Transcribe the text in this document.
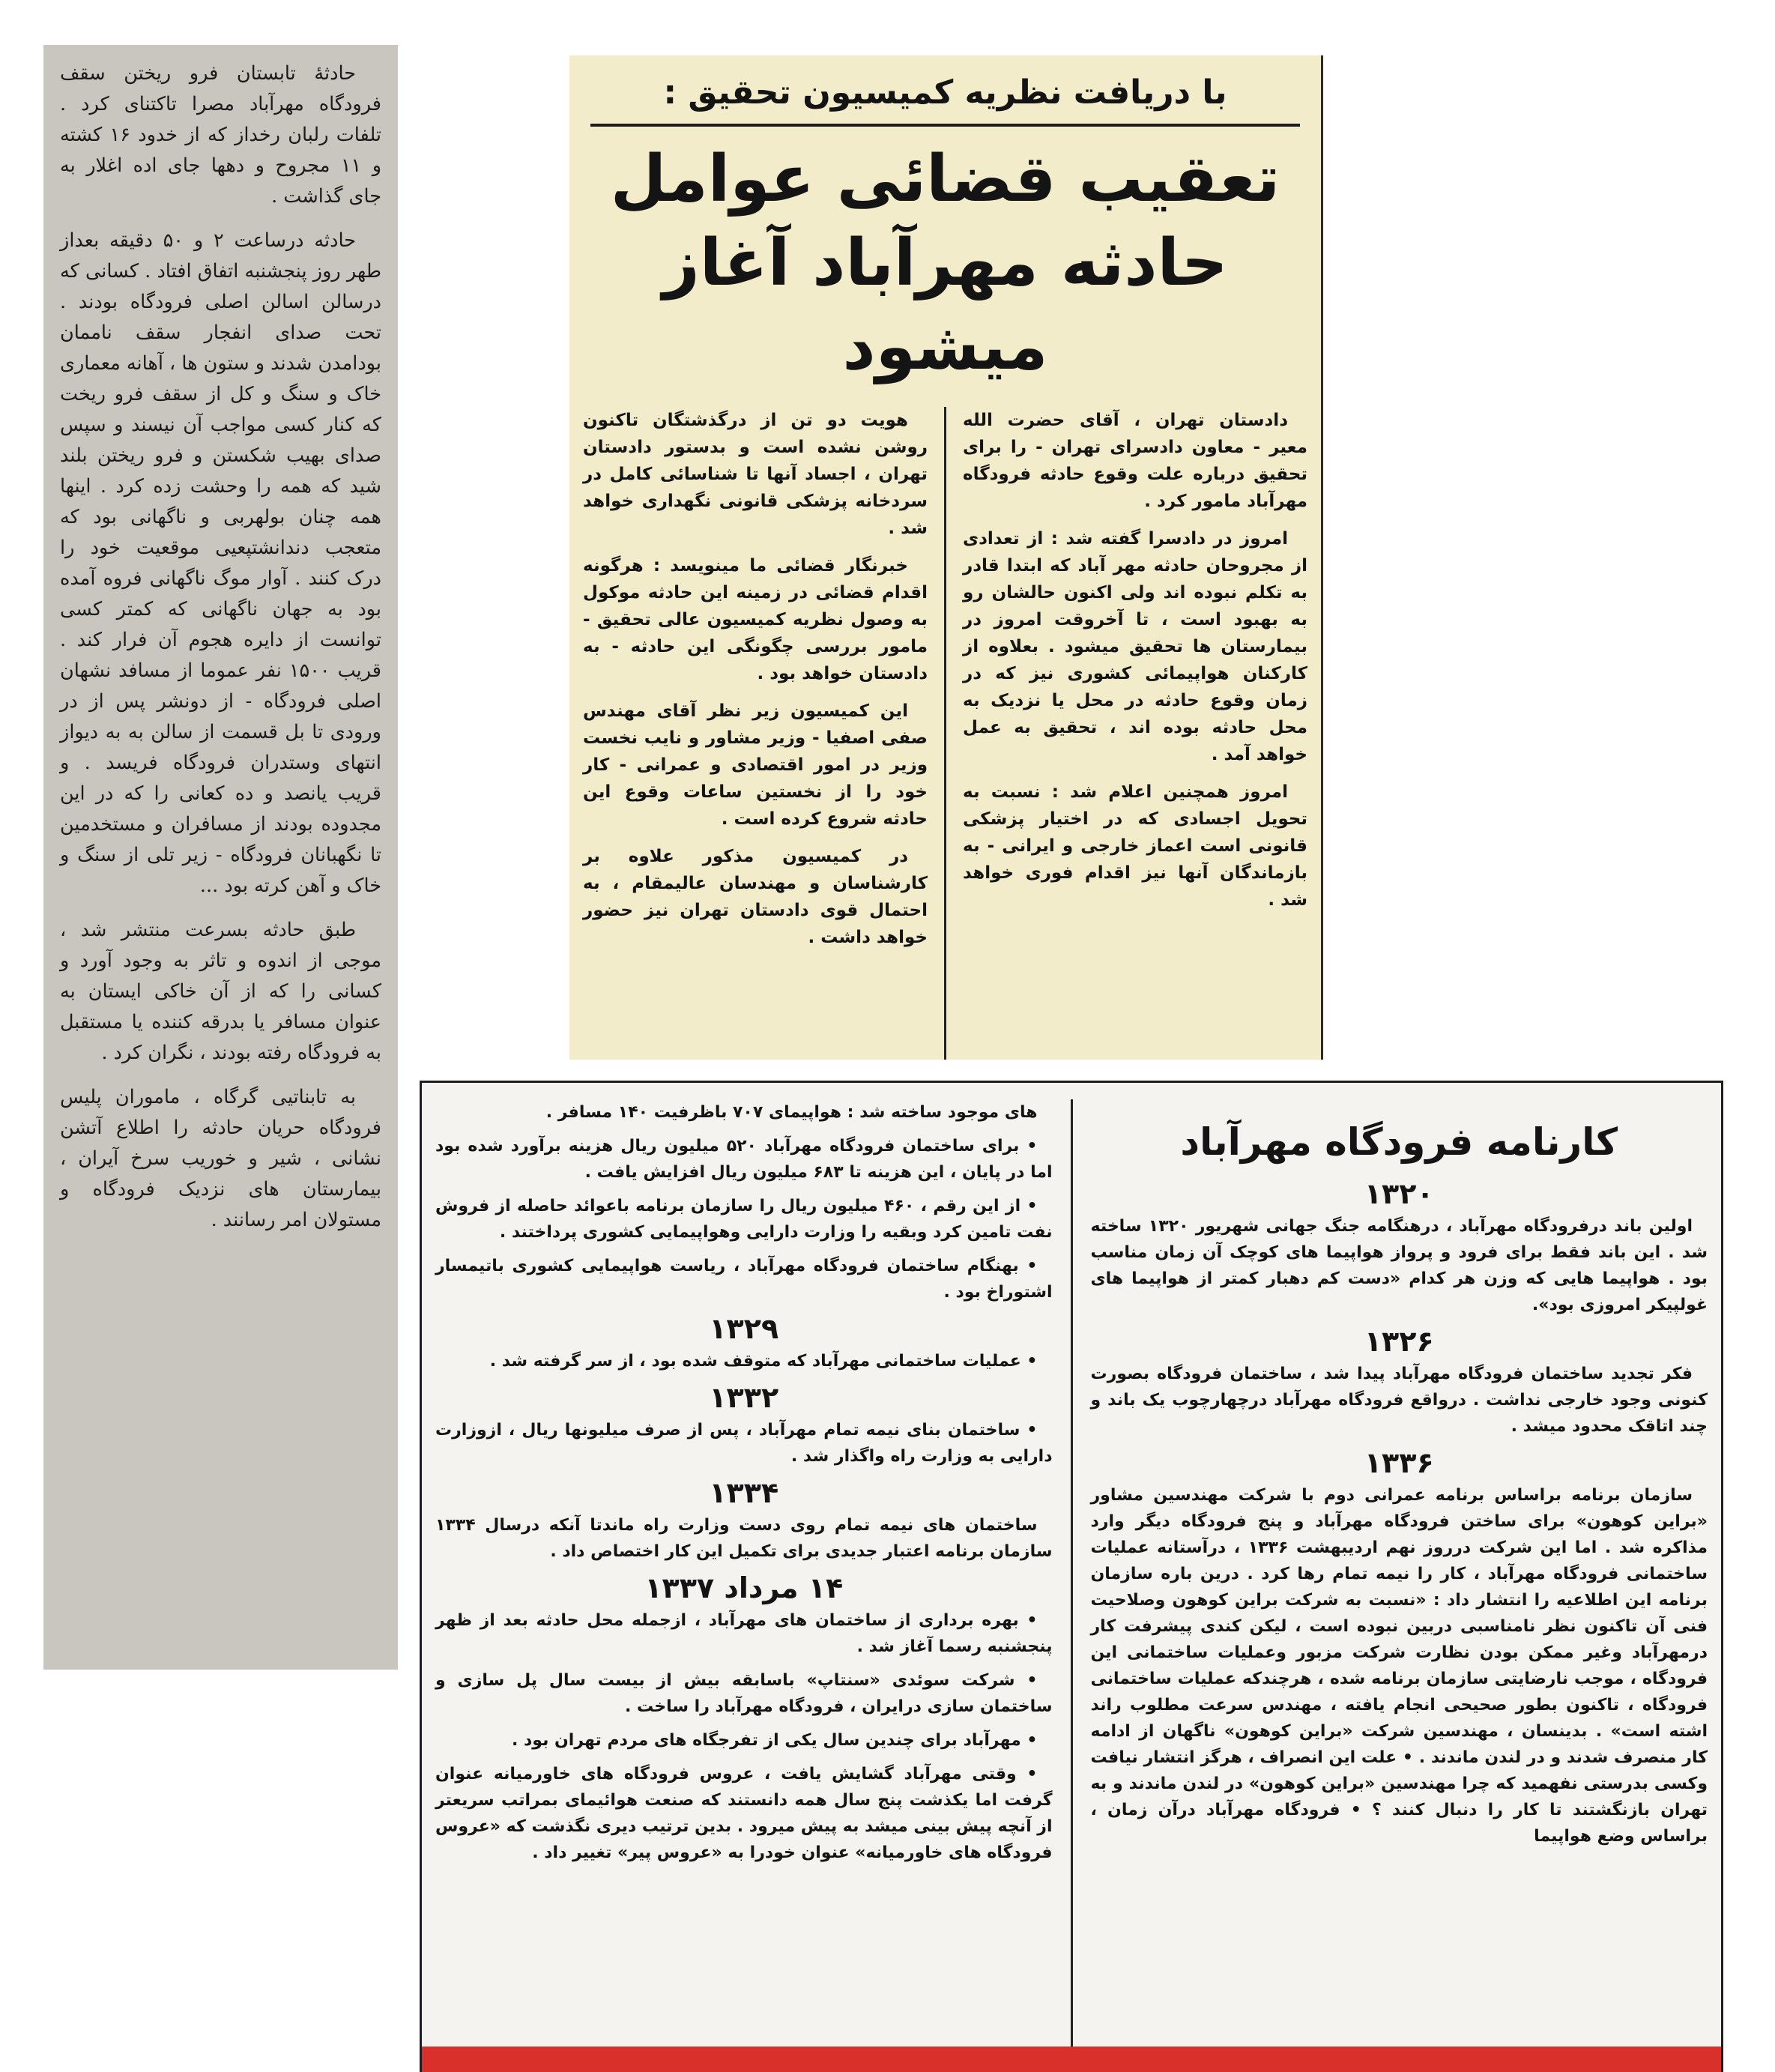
حادثهٔ تابستان فرو ریختن سقف فرودگاه مهرآباد مصرا تاکتنای کرد . تلفات رلبان رخداز که از خدود ۱۶ کشته و ۱۱ مجروح و دهها جای اده اغلار به جای گذاشت .

حادثه درساعت ۲ و ۵۰ دقیقه بعداز طهر روز پنجشنبه اتفاق افتاد . کسانی که درسالن اسالن اصلی فرودگاه بودند . تحت صدای انفجار سقف ناممان بودامدن شدند و ستون ها ، آهانه معماری خاک و سنگ و کل از سقف فرو ریخت که کنار کسی مواجب آن نیسند و سپس صدای بهیب شکستن و فرو ریختن بلند شید که همه را وحشت زده کرد . اینها همه چنان بولهربی و ناگهانی بود که متعجب دندانشتپعیی موقعیت خود را درک کنند . آوار موگ ناگهانی فروه آمده بود به جهان ناگهانی که کمتر کسی توانست از دایره هجوم آن فرار کند . قریب ۱۵۰۰ نفر عموما از مسافد نشهان اصلی فرودگاه - از دونشر پس از در ورودی تا بل قسمت از سالن به به دیواز انتهای وستدران فرودگاه فریسد . و قریب یانصد و ده کعانی را که در این مجدوده بودند از مسافران و مستخدمین تا نگهبانان فرودگاه - زیر تلی از سنگ و خاک و آهن کرته بود ...

طبق حادثه بسرعت منتشر شد ، موجی از اندوه و تاثر به وجود آورد و کسانی را که از آن خاکی ایستان به عنوان مسافر یا بدرقه کننده یا مستقبل به فرودگاه رفته بودند ، نگران کرد .

به تابناتیی گرگاه ، ماموران پلیس فرودگاه حریان حادثه را اطلاع آتشن نشانی ، شیر و خوریب سرخ آیران ، بیمارستان های نزدیک فرودگاه و مستولان امر رسانند .

با دریافت نظریه کمیسیون تحقیق :
تعقیب قضائی عوامل
حادثه مهرآباد آغاز میشود

دادستان تهران ، آقای حضرت الله معیر - معاون دادسرای تهران - را برای تحقیق درباره علت وقوع حادثه فرودگاه مهرآباد مامور کرد .

امروز در دادسرا گفته شد : از تعدادی از مجروحان حادثه مهر آباد که ابتدا قادر به تکلم نبوده اند ولی اکنون حالشان رو به بهبود است ، تا آخروقت امروز در بیمارستان ها تحقیق میشود . بعلاوه از کارکنان هواپیمائی کشوری نیز که در زمان وقوع حادثه در محل یا نزدیک به محل حادثه بوده اند ، تحقیق به عمل خواهد آمد .

امروز همچنین اعلام شد : نسبت به تحویل اجسادی که در اختیار پزشکی قانونی است اعماز خارجی و ایرانی - به بازماندگان آنها نیز اقدام فوری خواهد شد .

هویت دو تن از درگذشتگان تاکنون روشن نشده است و بدستور دادستان تهران ، اجساد آنها تا شناسائی کامل در سردخانه پزشکی قانونی نگهداری خواهد شد .

خبرنگار قضائی ما مینویسد : هرگونه اقدام قضائی در زمینه این حادثه موکول به وصول نظریه کمیسیون عالی تحقیق - مامور بررسی چگونگی این حادثه - به دادستان خواهد بود .

این کمیسیون زیر نظر آقای مهندس صفی اصفیا - وزیر مشاور و نایب نخست وزیر در امور اقتصادی و عمرانی - کار خود را از نخستین ساعات وقوع این حادثه شروع کرده است .

در کمیسیون مذکور علاوه بر کارشناسان و مهندسان عالیمقام ، به احتمال قوی دادستان تهران نیز حضور خواهد داشت .

کارنامه فرودگاه مهرآباد
۱۳۲۰

اولین باند درفرودگاه مهرآباد ، درهنگامه جنگ جهانی شهریور ۱۳۲۰ ساخته شد . این باند فقط برای فرود و پرواز هواپیما های کوچک آن زمان مناسب بود . هواپیما هایی که وزن هر کدام «دست کم دهبار کمتر از هواپیما های غولپیکر امروزی بود».

۱۳۲۶

فکر تجدید ساختمان فرودگاه مهرآباد پیدا شد ، ساختمان فرودگاه بصورت کنونی وجود خارجی نداشت . درواقع فرودگاه مهرآباد درچهارچوب یک باند و چند اتاقک محدود میشد .

۱۳۳۶

سازمان برنامه براساس برنامه عمرانی دوم با شرکت مهندسین مشاور «براین کوهون» برای ساختن فرودگاه مهرآباد و پنج فرودگاه دیگر وارد مذاکره شد . اما این شرکت درروز نهم اردیبهشت ۱۳۳۶ ، درآستانه عملیات ساختمانی فرودگاه مهرآباد ، کار را نیمه تمام رها کرد . درین باره سازمان برنامه این اطلاعیه را انتشار داد : «نسبت به شرکت براین کوهون وصلاحیت فنی آن تاکنون نظر نامناسبی دربین نبوده است ، لیکن کندی پیشرفت کار درمهرآباد وغیر ممکن بودن نظارت شرکت مزبور وعملیات ساختمانی این فرودگاه ، موجب نارضایتی سازمان برنامه شده ، هرچندکه عملیات ساختمانی فرودگاه ، تاکنون بطور صحیحی انجام یافته ، مهندس سرعت مطلوب راند اشته است» . بدینسان ، مهندسین شرکت «براین کوهون» ناگهان از ادامه کار منصرف شدند و در لندن ماندند . • علت این انصراف ، هرگز انتشار نیافت وکسی بدرستی نفهمید که چرا مهندسین «براین کوهون» در لندن ماندند و به تهران بازنگشتند تا کار را دنبال کنند ؟ • فرودگاه مهرآباد درآن زمان ، براساس وضع هواپیما

های موجود ساخته شد : هواپیمای ۷۰۷ باظرفیت ۱۴۰ مسافر .

• برای ساختمان فرودگاه مهرآباد ۵۲۰ میلیون ریال هزینه برآورد شده بود اما در پایان ، این هزینه تا ۶۸۳ میلیون ریال افزایش یافت .

• از این رقم ، ۴۶۰ میلیون ریال را سازمان برنامه باعوائد حاصله از فروش نفت تامین کرد وبقیه را وزارت دارایی وهواپیمایی کشوری پرداختند .

• بهنگام ساختمان فرودگاه مهرآباد ، ریاست هواپیمایی کشوری باتیمسار اشتوراخ بود .

۱۳۲۹

• عملیات ساختمانی مهرآباد که متوقف شده بود ، از سر گرفته شد .

۱۳۳۲

• ساختمان بنای نیمه تمام مهرآباد ، پس از صرف میلیونها ریال ، ازوزارت دارایی به وزارت راه واگذار شد .

۱۳۳۴

ساختمان های نیمه تمام روی دست وزارت راه ماندتا آنکه درسال ۱۳۳۴ سازمان برنامه اعتبار جدیدی برای تکمیل این کار اختصاص داد .

۱۴ مرداد ۱۳۳۷

• بهره برداری از ساختمان های مهرآباد ، ازجمله محل حادثه بعد از ظهر پنجشنبه رسما آغاز شد .

• شرکت سوئدی «سنتاپ» باسابقه بیش از بیست سال پل سازی و ساختمان سازی درایران ، فرودگاه مهرآباد را ساخت .

• مهرآباد برای چندین سال یکی از تفرجگاه های مردم تهران بود .

• وقتی مهرآباد گشایش یافت ، عروس فرودگاه های خاورمیانه عنوان گرفت اما یکذشت پنج سال همه دانستند که صنعت هوائیمای بمراتب سریعتر از آنچه پیش بینی میشد به پیش میرود . بدین ترتیب دیری نگذشت که «عروس فرودگاه های خاورمیانه» عنوان خودرا به «عروس پیر» تغییر داد .
